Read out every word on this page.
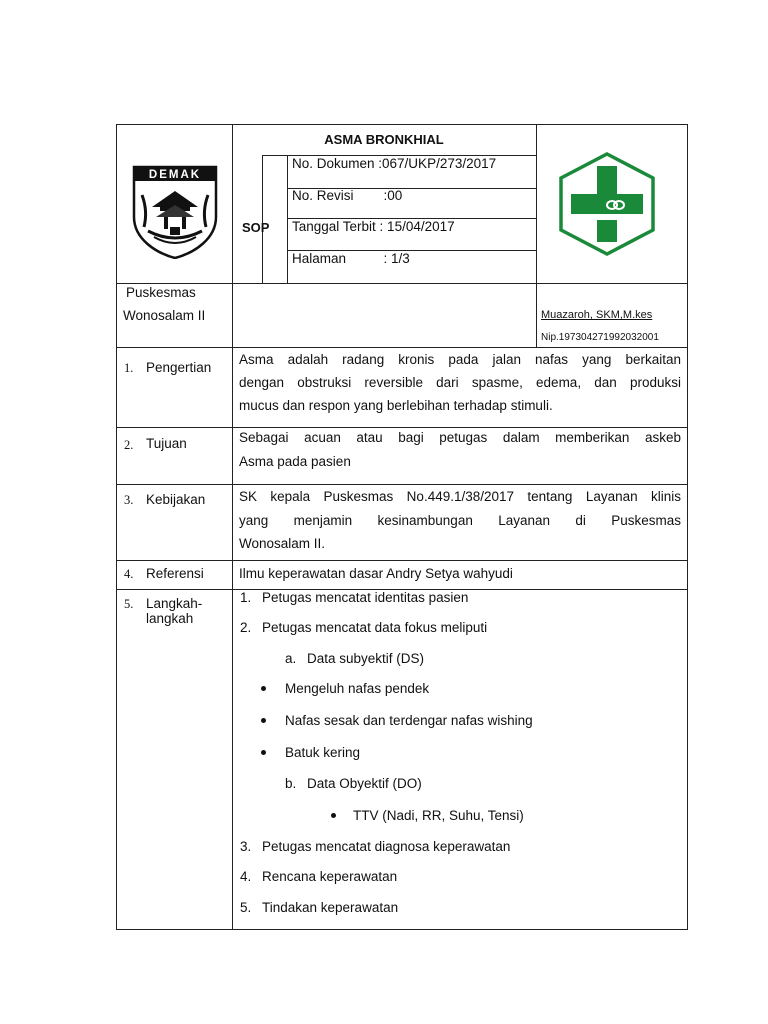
DEMAK
ASMA BRONKHIAL
SOP
No. Dokumen :067/UKP/273/2017
No. Revisi        :00
Tanggal Terbit : 15/04/2017
Halaman          : 1/3
Puskesmas
Wonosalam II	Muazaroh, SKM,M.kes
Nip.197304271992032001
1. Pengertian
Asma adalah radang kronis pada jalan nafas yang berkaitan
dengan obstruksi reversible dari spasme, edema, dan produksi
mucus dan respon yang berlebihan terhadap stimuli.
2. Tujuan	Sebagai acuan atau bagi petugas dalam memberikan askeb
Asma pada pasien
3. Kebijakan SK kepala Puskesmas No.449.1/38/2017 tentang Layanan klinis
yang menjamin kesinambungan Layanan di Puskesmas
Wonosalam II.
4. Referensi	Ilmu keperawatan dasar Andry Setya wahyudi
5. Langkah-
langkah
1. Petugas mencatat identitas pasien
2. Petugas mencatat data fokus meliputi
a. Data subyektif (DS)
Mengeluh nafas pendek
Nafas sesak dan terdengar nafas wishing
Batuk kering
b. Data Obyektif (DO)
TTV (Nadi, RR, Suhu, Tensi)
3. Petugas mencatat diagnosa keperawatan
4. Rencana keperawatan
5. Tindakan keperawatan
